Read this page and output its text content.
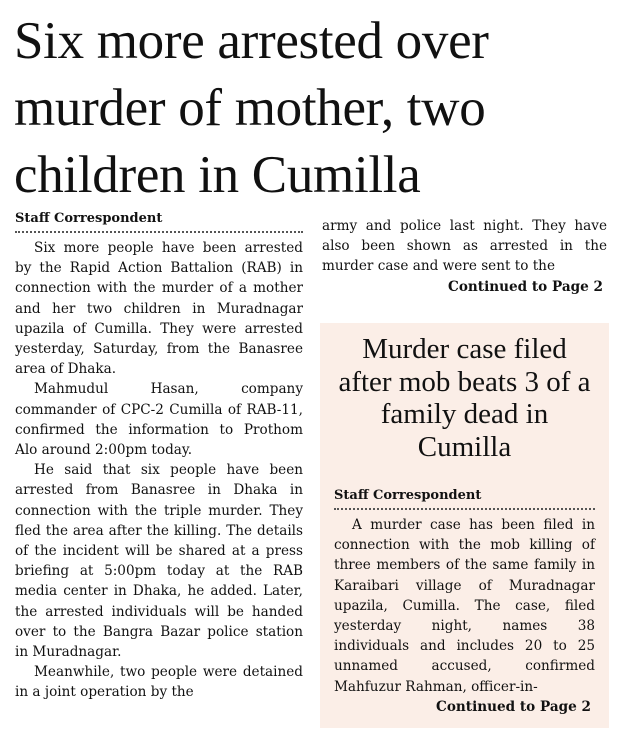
Six more arrested over murder of mother, two children in Cumilla
Staff Correspondent

Six more people have been arrested by the Rapid Action Battalion (RAB) in connection with the murder of a mother and her two children in Muradnagar upazila of Cumilla. They were arrested yesterday, Saturday, from the Banasree area of Dhaka.

Mahmudul Hasan, company commander of CPC-2 Cumilla of RAB-11, confirmed the information to Prothom Alo around 2:00pm today.

He said that six people have been arrested from Banasree in Dhaka in connection with the triple murder. They fled the area after the killing. The details of the incident will be shared at a press briefing at 5:00pm today at the RAB media center in Dhaka, he added. Later, the arrested individuals will be handed over to the Bangra Bazar police station in Muradnagar.

Meanwhile, two people were detained in a joint operation by the

army and police last night. They have also been shown as arrested in the murder case and were sent to the

Continued to Page 2
Murder case filed after mob beats 3 of a family dead in Cumilla
Staff Correspondent

A murder case has been filed in connection with the mob killing of three members of the same family in Karaibari village of Muradnagar upazila, Cumilla. The case, filed yesterday night, names 38 individuals and includes 20 to 25 unnamed accused, confirmed Mahfuzur Rahman, officer-in-

Continued to Page 2
